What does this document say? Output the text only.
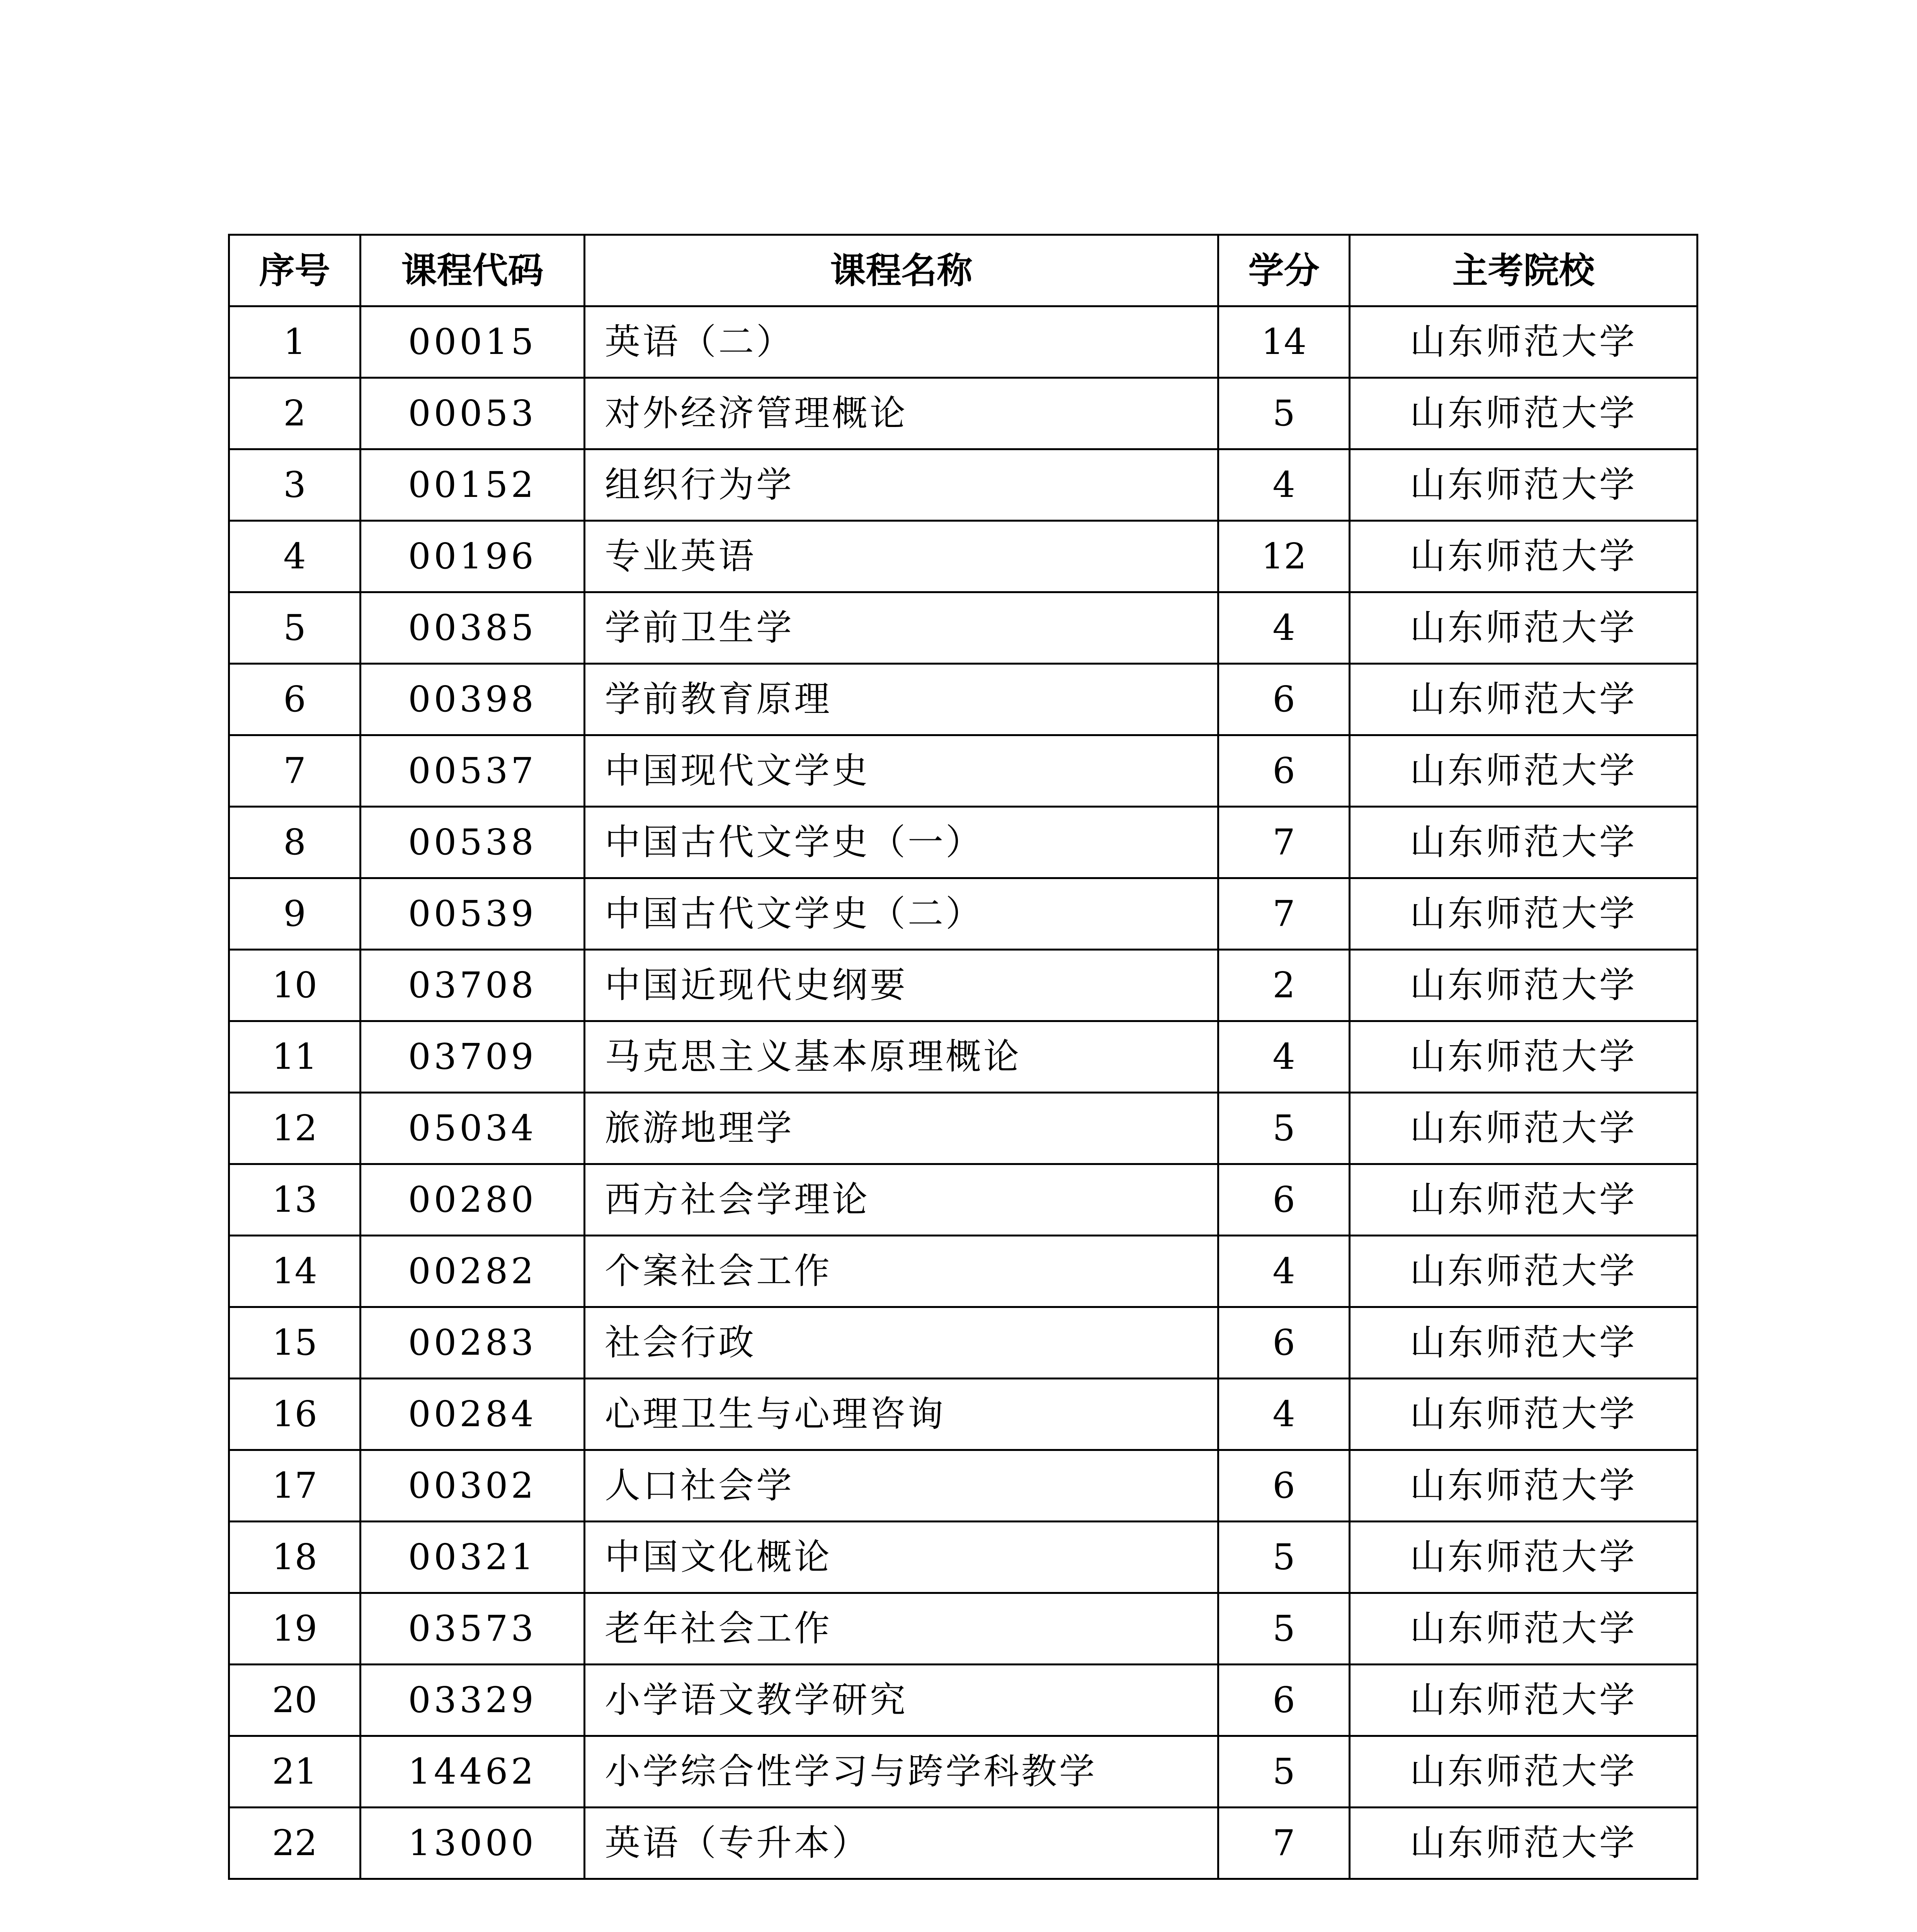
序号	课程代码	课程名称	学分	主考院校
1	00015	英语（二）	14	山东师范大学
2	00053	对外经济管理概论	5	山东师范大学
3	00152	组织行为学	4	山东师范大学
4	00196	专业英语	12	山东师范大学
5	00385	学前卫生学	4	山东师范大学
6	00398	学前教育原理	6	山东师范大学
7	00537	中国现代文学史	6	山东师范大学
8	00538	中国古代文学史（一）	7	山东师范大学
9	00539	中国古代文学史（二）	7	山东师范大学
10	03708	中国近现代史纲要	2	山东师范大学
11	03709	马克思主义基本原理概论	4	山东师范大学
12	05034	旅游地理学	5	山东师范大学
13	00280	西方社会学理论	6	山东师范大学
14	00282	个案社会工作	4	山东师范大学
15	00283	社会行政	6	山东师范大学
16	00284	心理卫生与心理咨询	4	山东师范大学
17	00302	人口社会学	6	山东师范大学
18	00321	中国文化概论	5	山东师范大学
19	03573	老年社会工作	5	山东师范大学
20	03329	小学语文教学研究	6	山东师范大学
21	14462	小学综合性学习与跨学科教学	5	山东师范大学
22	13000	英语（专升本）	7	山东师范大学
